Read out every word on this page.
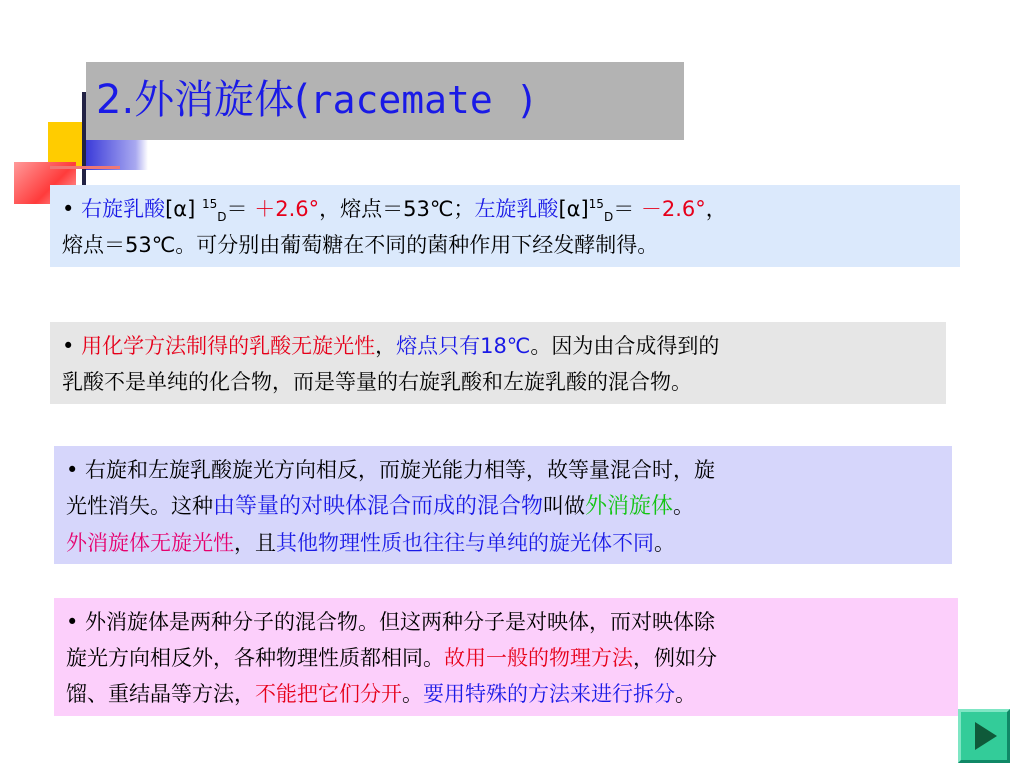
2.外消旋体(racemate )
• 右旋乳酸[α] $^{15}_D$＝ ＋2.6°，熔点＝53℃；左旋乳酸$[\alpha]^{15}_D= -2.6^\circ$，
熔点＝53℃。可分别由葡萄糖在不同的菌种作用下经发酵制得。
• 用化学方法制得的乳酸无旋光性，熔点只有18℃。因为由合成得到的
乳酸不是单纯的化合物，而是等量的右旋乳酸和左旋乳酸的混合物。
• 右旋和左旋乳酸旋光方向相反，而旋光能力相等，故等量混合时，旋
光性消失。这种由等量的对映体混合而成的混合物叫做外消旋体。
外消旋体无旋光性，且其他物理性质也往往与单纯的旋光体不同。
• 外消旋体是两种分子的混合物。但这两种分子是对映体，而对映体除
旋光方向相反外，各种物理性质都相同。故用一般的物理方法，例如分
馏、重结晶等方法，不能把它们分开。要用特殊的方法来进行拆分。
